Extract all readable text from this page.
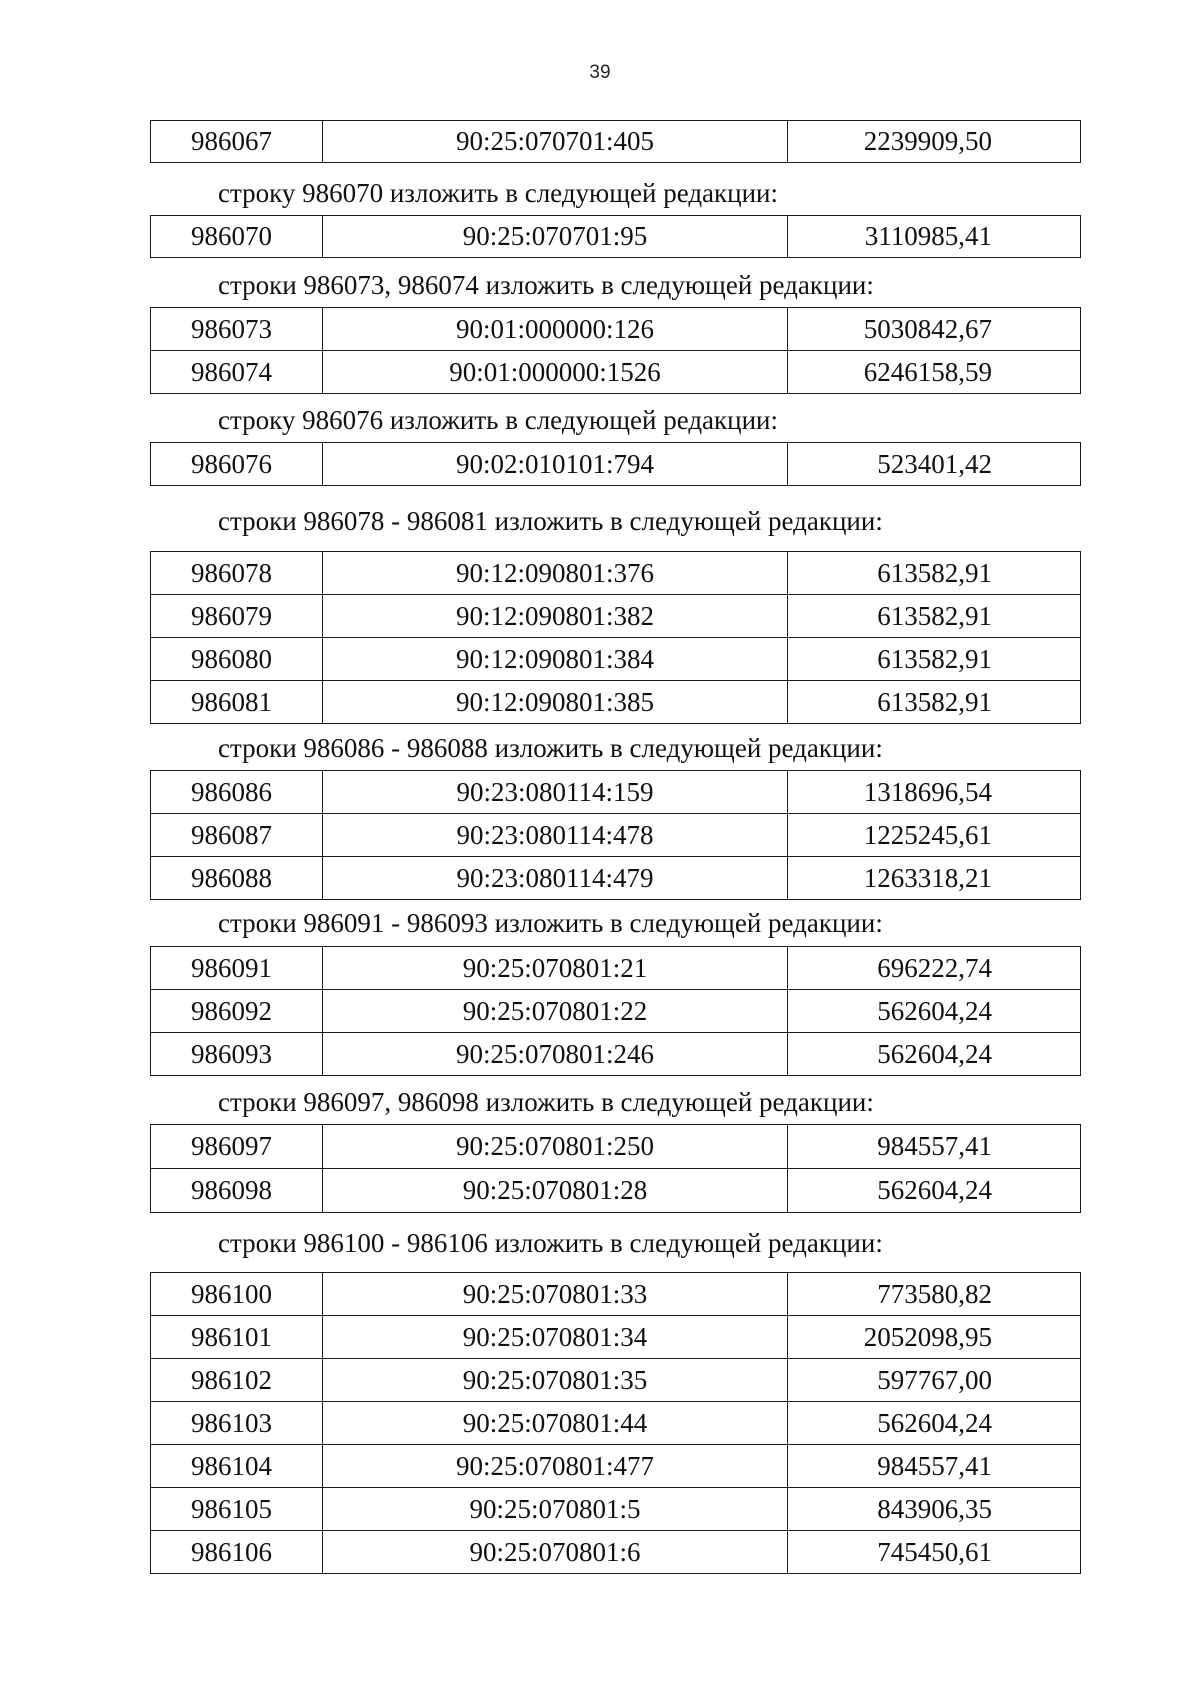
39
986067	90:25:070701:405	2239909,50
строку 986070 изложить в следующей редакции:
986070	90:25:070701:95	3110985,41
строки 986073, 986074 изложить в следующей редакции:
986073	90:01:000000:126	5030842,67
986074	90:01:000000:1526	6246158,59
строку 986076 изложить в следующей редакции:
986076	90:02:010101:794	523401,42
строки 986078 - 986081 изложить в следующей редакции:
986078	90:12:090801:376	613582,91
986079	90:12:090801:382	613582,91
986080	90:12:090801:384	613582,91
986081	90:12:090801:385	613582,91
строки 986086 - 986088 изложить в следующей редакции:
986086	90:23:080114:159	1318696,54
986087	90:23:080114:478	1225245,61
986088	90:23:080114:479	1263318,21
строки 986091 - 986093 изложить в следующей редакции:
986091	90:25:070801:21	696222,74
986092	90:25:070801:22	562604,24
986093	90:25:070801:246	562604,24
строки 986097, 986098 изложить в следующей редакции:
986097	90:25:070801:250	984557,41
986098	90:25:070801:28	562604,24
строки 986100 - 986106 изложить в следующей редакции:
986100	90:25:070801:33	773580,82
986101	90:25:070801:34	2052098,95
986102	90:25:070801:35	597767,00
986103	90:25:070801:44	562604,24
986104	90:25:070801:477	984557,41
986105	90:25:070801:5	843906,35
986106	90:25:070801:6	745450,61
